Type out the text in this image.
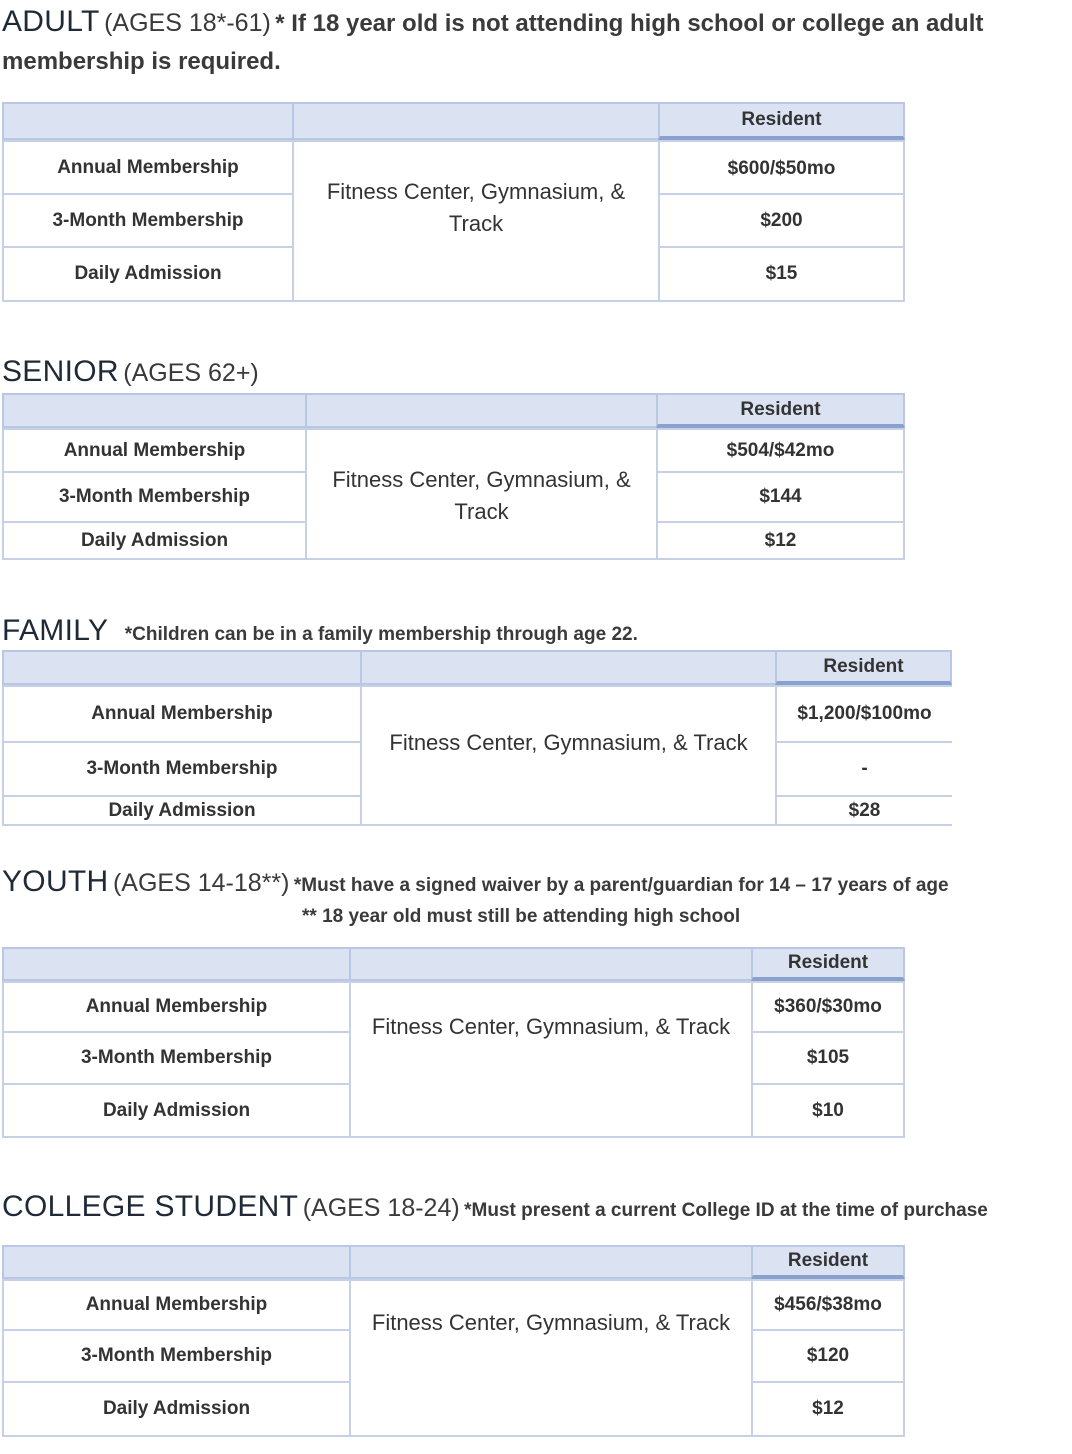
ADULT (AGES 18*-61) * If 18 year old is not attending high school or college an adult
membership is required.
Resident
Annual Membership
3-Month Membership
Daily Admission
Fitness Center, Gymnasium, & Track
$600/$50mo
$200
$15
SENIOR (AGES 62+)
Resident
Annual Membership
3-Month Membership
Daily Admission
Fitness Center, Gymnasium, & Track
$504/$42mo
$144
$12
FAMILY *Children can be in a family membership through age 22.
Resident
Annual Membership
3-Month Membership
Daily Admission
Fitness Center, Gymnasium, & Track
$1,200/$100mo
-
$28
YOUTH (AGES 14-18**) *Must have a signed waiver by a parent/guardian for 14 – 17 years of age
** 18 year old must still be attending high school
Resident
Annual Membership
3-Month Membership
Daily Admission
Fitness Center, Gymnasium, & Track
$360/$30mo
$105
$10
COLLEGE STUDENT (AGES 18-24) *Must present a current College ID at the time of purchase
Resident
Annual Membership
3-Month Membership
Daily Admission
Fitness Center, Gymnasium, & Track
$456/$38mo
$120
$12
